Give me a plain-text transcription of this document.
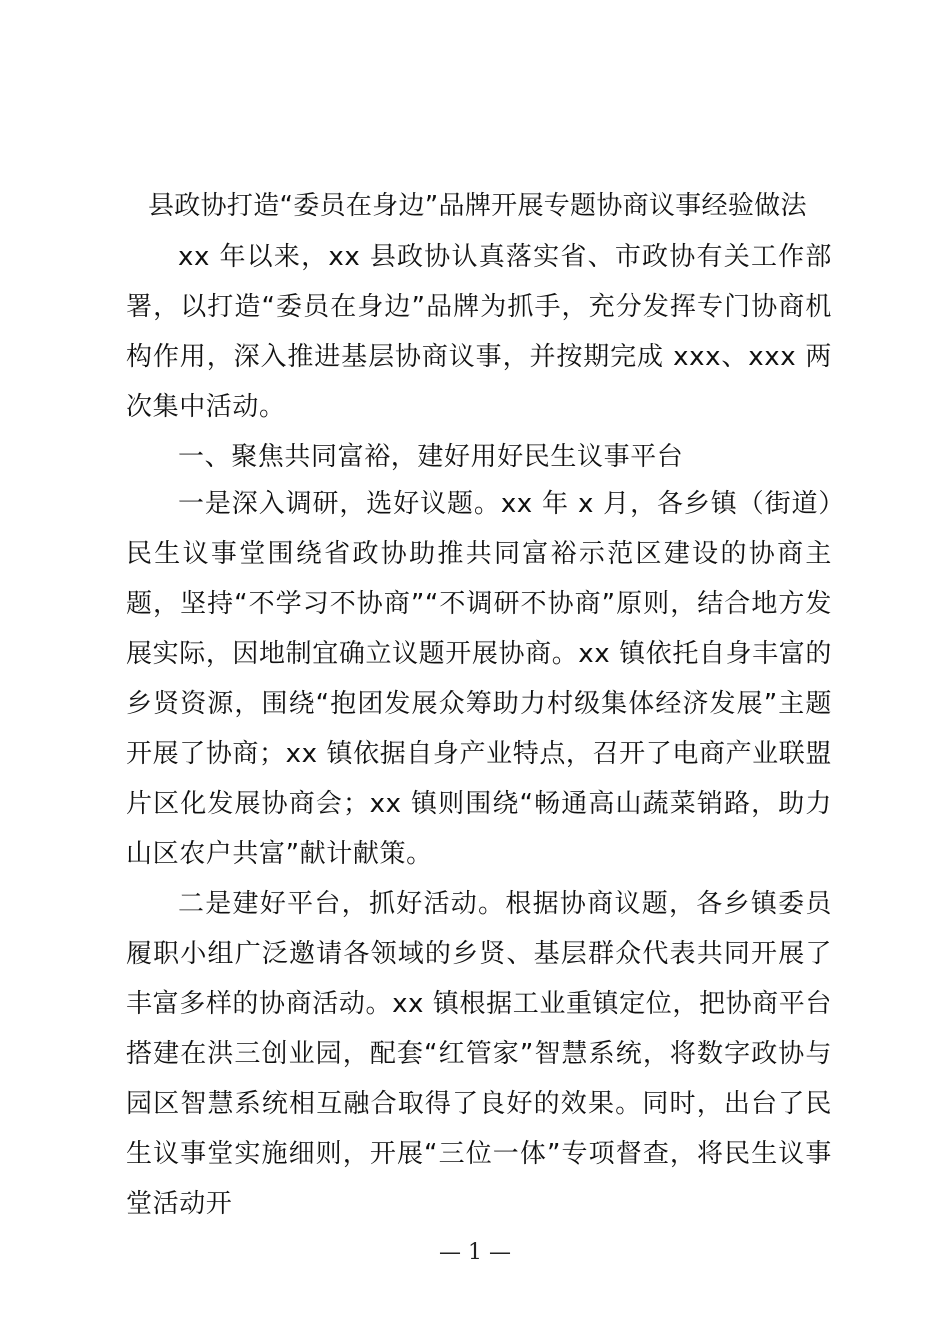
县政协打造“委员在身边”品牌开展专题协商议事经验做法

xx 年以来，xx 县政协认真落实省、市政协有关工作部署，以打造“委员在身边”品牌为抓手，充分发挥专门协商机构作用，深入推进基层协商议事，并按期完成 xxx、xxx 两次集中活动。

一、聚焦共同富裕，建好用好民生议事平台

一是深入调研，选好议题。xx 年 x 月，各乡镇（街道）民生议事堂围绕省政协助推共同富裕示范区建设的协商主题，坚持“不学习不协商”“不调研不协商”原则，结合地方发展实际，因地制宜确立议题开展协商。xx 镇依托自身丰富的乡贤资源，围绕“抱团发展众筹助力村级集体经济发展”主题开展了协商；xx 镇依据自身产业特点，召开了电商产业联盟片区化发展协商会；xx 镇则围绕“畅通高山蔬菜销路，助力山区农户共富”献计献策。

二是建好平台，抓好活动。根据协商议题，各乡镇委员履职小组广泛邀请各领域的乡贤、基层群众代表共同开展了丰富多样的协商活动。xx 镇根据工业重镇定位，把协商平台搭建在洪三创业园，配套“红管家”智慧系统，将数字政协与园区智慧系统相互融合取得了良好的效果。同时，出台了民生议事堂实施细则，开展“三位一体”专项督查，将民生议事堂活动开

— 1 —
